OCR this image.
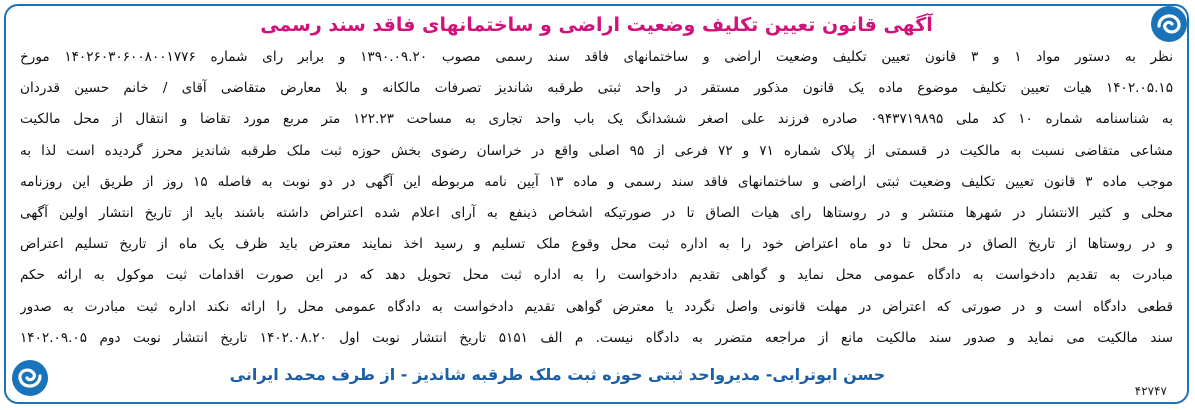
آگهی قانون تعیین تکلیف وضعیت اراضی و ساختمانهای فاقد سند رسمی
نظر به دستور مواد ۱ و ۳ قانون تعیین تکلیف وضعیت اراضی و ساختمانهای فاقد سند رسمی مصوب ۱۳۹۰.۰۹.۲۰ و برابر رای شماره ۱۴۰۲۶۰۳۰۶۰۰۸۰۰۱۷۷۶ مورخ
۱۴۰۲.۰۵.۱۵ هیات تعیین تکلیف موضوع ماده یک قانون مذکور مستقر در واحد ثبتی طرقبه شاندیز تصرفات مالکانه و بلا معارض متقاضی آقای / خانم حسین قدردان
به شناسنامه شماره ۱۰ کد ملی ۰۹۴۳۷۱۹۸۹۵ صادره فرزند علی اصغر ششدانگ یک باب واحد تجاری به مساحت ۱۲۲.۲۳ متر مربع مورد تقاضا و انتقال از محل مالکیت
مشاعی متقاضی نسبت به مالکیت در قسمتی از پلاک شماره ۷۱ و ۷۲ فرعی از ۹۵ اصلی واقع در خراسان رضوی بخش حوزه ثبت ملک طرقبه شاندیز محرز گردیده است لذا به
موجب ماده ۳ قانون تعیین تکلیف وضعیت ثبتی اراضی و ساختمانهای فاقد سند رسمی و ماده ۱۳ آیین نامه مربوطه این آگهی در دو نوبت به فاصله ۱۵ روز از طریق این روزنامه
محلی و کثیر الانتشار در شهرها منتشر و در روستاها رای هیات الصاق تا در صورتیکه اشخاص ذینفع به آرای اعلام شده اعتراض داشته باشند باید از تاریخ انتشار اولین آگهی
و در روستاها از تاریخ الصاق در محل تا دو ماه اعتراض خود را به اداره ثبت محل وقوع ملک تسلیم و رسید اخذ نمایند معترض باید ظرف یک ماه از تاریخ تسلیم اعتراض
مبادرت به تقدیم دادخواست به دادگاه عمومی محل نماید و گواهی تقدیم دادخواست را به اداره ثبت محل تحویل دهد که در این صورت اقدامات ثبت موکول به ارائه حکم
قطعی دادگاه است و در صورتی که اعتراض در مهلت قانونی واصل نگردد یا معترض گواهی تقدیم دادخواست به دادگاه عمومی محل را ارائه نکند اداره ثبت مبادرت به صدور
سند مالکیت می نماید و صدور سند مالکیت مانع از مراجعه متضرر به دادگاه نیست. م الف ۵۱۵۱ تاریخ انتشار نوبت اول ۱۴۰۲.۰۸.۲۰ تاریخ انتشار نوبت دوم ۱۴۰۲.۰۹.۰۵
حسن ابوترابی- مدیرواحد ثبتی حوزه ثبت ملک طرقبه شاندیز - از طرف محمد ایرانی
۴۲۷۴۷
